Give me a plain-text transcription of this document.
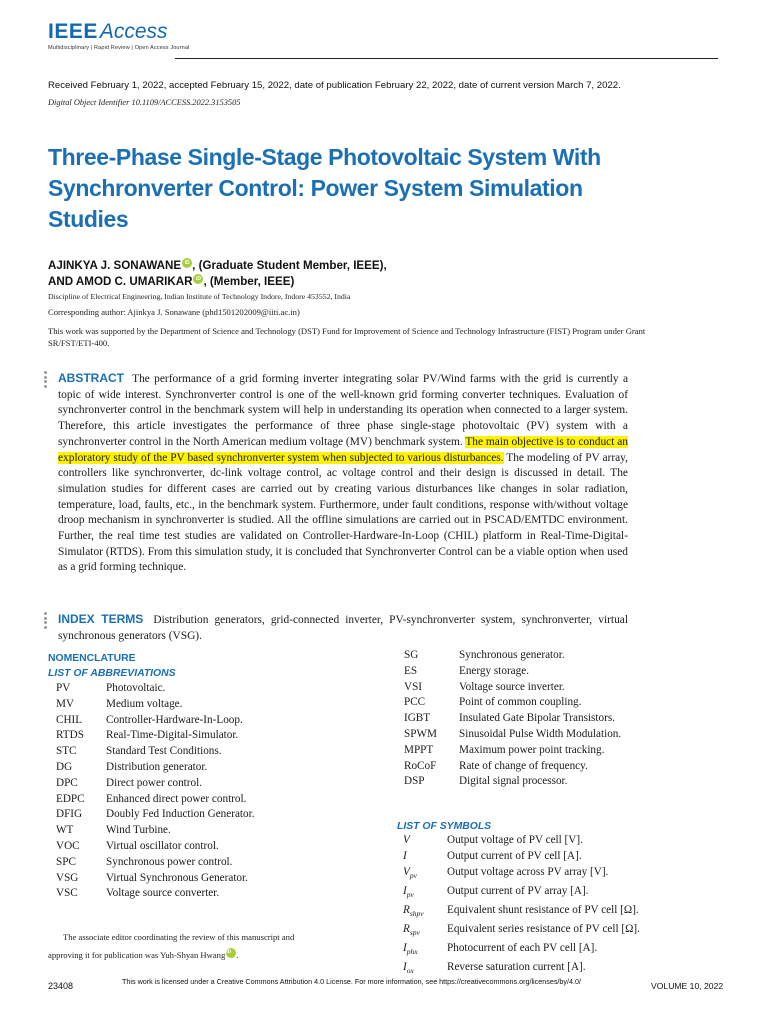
IEEEAccess
Multidisciplinary | Rapid Review | Open Access Journal
Received February 1, 2022, accepted February 15, 2022, date of publication February 22, 2022, date of current version March 7, 2022.
Digital Object Identifier 10.1109/ACCESS.2022.3153505
Three-Phase Single-Stage Photovoltaic System With Synchronverter Control: Power System Simulation Studies
AJINKYA J. SONAWANE iD , (Graduate Student Member, IEEE),
AND AMOD C. UMARIKAR iD , (Member, IEEE)
Discipline of Electrical Engineering, Indian Institute of Technology Indore, Indore 453552, India
Corresponding author: Ajinkya J. Sonawane (phd1501202009@iiti.ac.in)
This work was supported by the Department of Science and Technology (DST) Fund for Improvement of Science and Technology Infrastructure (FIST) Program under Grant SR/FST/ETI-400.
ABSTRACT The performance of a grid forming inverter integrating solar PV/Wind farms with the grid is currently a topic of wide interest. Synchronverter control is one of the well-known grid forming converter techniques. Evaluation of synchronverter control in the benchmark system will help in understanding its operation when connected to a larger system. Therefore, this article investigates the performance of three phase single-stage photovoltaic (PV) system with a synchronverter control in the North American medium voltage (MV) benchmark system. The main objective is to conduct an exploratory study of the PV based synchronverter system when subjected to various disturbances. The modeling of PV array, controllers like synchronverter, dc-link voltage control, ac voltage control and their design is discussed in detail. The simulation studies for different cases are carried out by creating various disturbances like changes in solar radiation, temperature, load, faults, etc., in the benchmark system. Furthermore, under fault conditions, response with/without voltage droop mechanism in synchronverter is studied. All the offline simulations are carried out in PSCAD/EMTDC environment. Further, the real time test studies are validated on Controller-Hardware-In-Loop (CHIL) platform in Real-Time-Digital-Simulator (RTDS). From this simulation study, it is concluded that Synchronverter Control can be a viable option when used as a grid forming technique.
INDEX TERMS Distribution generators, grid-connected inverter, PV-synchronverter system, synchronverter, virtual synchronous generators (VSG).
NOMENCLATURE
LIST OF ABBREVIATIONS
PV	Photovoltaic.
MV	Medium voltage.
CHIL	Controller-Hardware-In-Loop.
RTDS	Real-Time-Digital-Simulator.
STC	Standard Test Conditions.
DG	Distribution generator.
DPC	Direct power control.
EDPC	Enhanced direct power control.
DFIG	Doubly Fed Induction Generator.
WT	Wind Turbine.
VOC	Virtual oscillator control.
SPC	Synchronous power control.
VSG	Virtual Synchronous Generator.
VSC	Voltage source converter.
SG	Synchronous generator.
ES	Energy storage.
VSI	Voltage source inverter.
PCC	Point of common coupling.
IGBT	Insulated Gate Bipolar Transistors.
SPWM	Sinusoidal Pulse Width Modulation.
MPPT	Maximum power point tracking.
RoCoF	Rate of change of frequency.
DSP	Digital signal processor.
LIST OF SYMBOLS
V	Output voltage of PV cell [V].
I	Output current of PV cell [A].
$V_{pv}$	Output voltage across PV array [V].
$I_{pv}$	Output current of PV array [A].
$R_{shpv}$	Equivalent shunt resistance of PV cell [Ω].
$R_{spv}$	Equivalent series resistance of PV cell [Ω].
$I_{phx}$	Photocurrent of each PV cell [A].
$I_{ox}$	Reverse saturation current [A].
The associate editor coordinating the review of this manuscript and
approving it for publication was Yuh-Shyan HwangiD .
23408	This work is licensed under a Creative Commons Attribution 4.0 License. For more information, see https://creativecommons.org/licenses/by/4.0/	VOLUME 10, 2022
